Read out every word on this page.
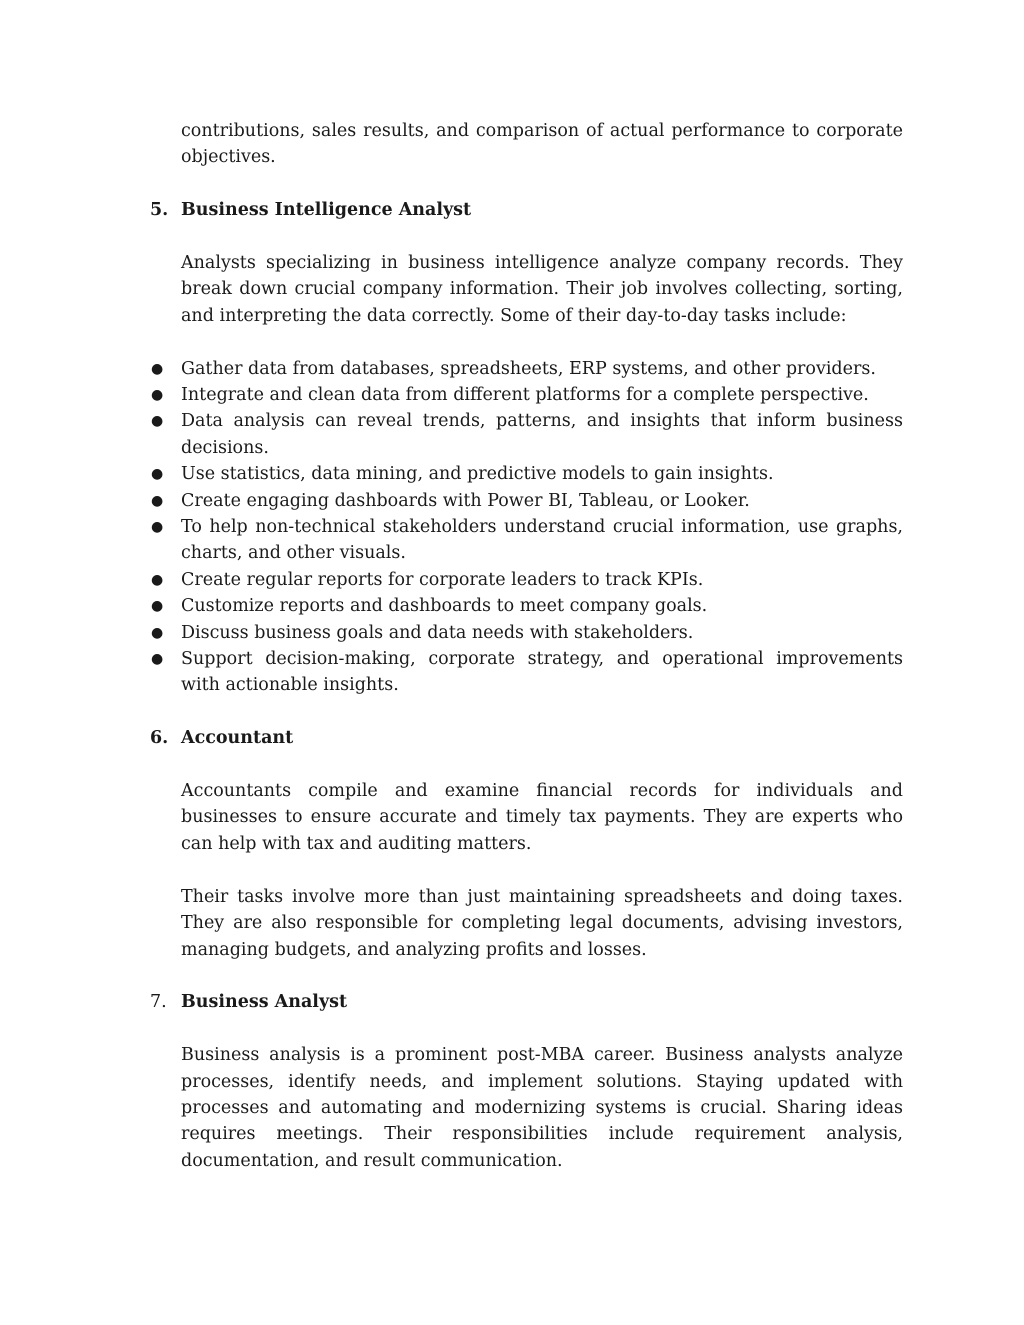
contributions, sales results, and comparison of actual performance to corporate objectives.

5. Business Intelligence Analyst

Analysts specializing in business intelligence analyze company records. They break down crucial company information. Their job involves collecting, sorting, and interpreting the data correctly. Some of their day-to-day tasks include:

● Gather data from databases, spreadsheets, ERP systems, and other providers.
● Integrate and clean data from different platforms for a complete perspective.
● Data analysis can reveal trends, patterns, and insights that inform business decisions.
● Use statistics, data mining, and predictive models to gain insights.
● Create engaging dashboards with Power BI, Tableau, or Looker.
● To help non-technical stakeholders understand crucial information, use graphs, charts, and other visuals.
● Create regular reports for corporate leaders to track KPIs.
● Customize reports and dashboards to meet company goals.
● Discuss business goals and data needs with stakeholders.
● Support decision-making, corporate strategy, and operational improvements with actionable insights.
6. Accountant

Accountants compile and examine financial records for individuals and businesses to ensure accurate and timely tax payments. They are experts who can help with tax and auditing matters.

Their tasks involve more than just maintaining spreadsheets and doing taxes. They are also responsible for completing legal documents, advising investors, managing budgets, and analyzing profits and losses.

7. Business Analyst

Business analysis is a prominent post-MBA career. Business analysts analyze processes, identify needs, and implement solutions. Staying updated with processes and automating and modernizing systems is crucial. Sharing ideas requires meetings. Their responsibilities include requirement analysis, documentation, and result communication.
